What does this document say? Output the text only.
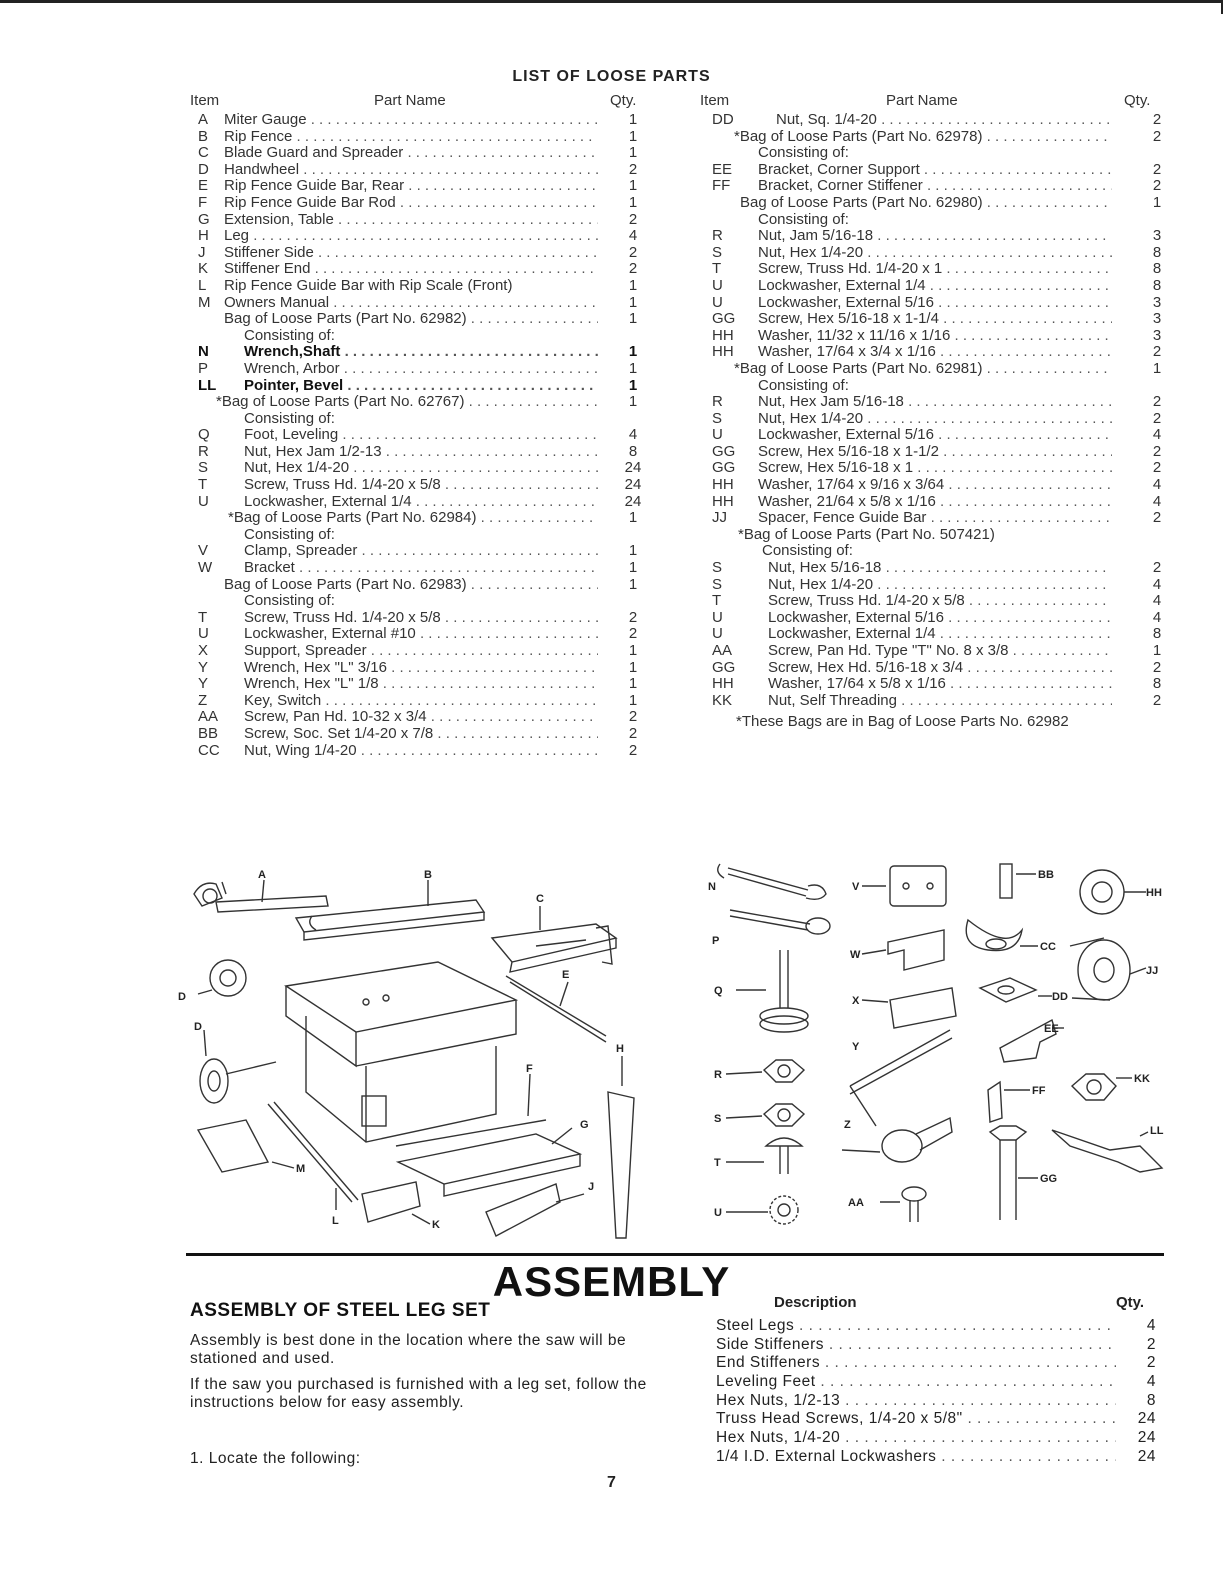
LIST OF LOOSE PARTS
Item	Part Name	Qty.
A	Miter Gauge . . .	1
B	Rip Fence . . .	1
C	Blade Guard and Spreader . . .	1
D	Handwheel . . .	2
E	Rip Fence Guide Bar, Rear . . .	1
F	Rip Fence Guide Bar Rod . . .	1
G Extension, Table . . .	2
H	Leg . . .	4
J	Stiffener Side . . .	2
K	Stiffener End . . .	2
L	Rip Fence Guide Bar with Rip Scale (Front)	1
M Owners Manual . . .	1
Bag of Loose Parts (Part No. 62982) . . .	1
Consisting of:
N	Wrench,Shaft . . .	1
P	Wrench, Arbor . . .	1
LL	Pointer, Bevel . . .	1
*Bag of Loose Parts (Part No. 62767) . . .	1
Consisting of:
Q	Foot, Leveling . . .	4
R	Nut, Hex Jam 1/2-13 . . .	8
S	Nut, Hex 1/4-20 . . .	24
T	Screw, Truss Hd. 1/4-20 x 5/8 . . .	24
U	Lockwasher, External 1/4 . . .	24
*Bag of Loose Parts (Part No. 62984) . . .	1
Consisting of:
V	Clamp, Spreader . . .	1
W	Bracket . . .	1
Bag of Loose Parts (Part No. 62983) . . .	1
Consisting of:
T	Screw, Truss Hd. 1/4-20 x 5/8 . . .	2
U	Lockwasher, External #10 . . .	2
X	Support, Spreader . . .	1
Y	Wrench, Hex "L" 3/16 . . .	1
Y	Wrench, Hex "L" 1/8 . . .	1
Z	Key, Switch . . .	1
AA	Screw, Pan Hd. 10-32 x 3/4 . . .	2
BB	Screw, Soc. Set 1/4-20 x 7/8 . . .	2
CC	Nut, Wing 1/4-20 . . .	2
Item	Part Name	Qty.
DD	Nut, Sq. 1/4-20 . . .	2
*Bag of Loose Parts (Part No. 62978) . . .	2
Consisting of:
EE	Bracket, Corner Support . . .	2
FF	Bracket, Corner Stiffener . . .	2
Bag of Loose Parts (Part No. 62980) . . .	1
Consisting of:
R	Nut, Jam 5/16-18 . . .	3
S	Nut, Hex 1/4-20 . . .	8
T	Screw, Truss Hd. 1/4-20 x 1 . . .	8
U	Lockwasher, External 1/4 . . .	8
U	Lockwasher, External 5/16 . . .	3
GG	Screw, Hex 5/16-18 x 1-1/4 . . .	3
HH	Washer, 11/32 x 11/16 x 1/16 . . .	3
HH	Washer, 17/64 x 3/4 x 1/16 . . .	2
*Bag of Loose Parts (Part No. 62981) . . .	1
Consisting of:
R	Nut, Hex Jam 5/16-18 . . .	2
S	Nut, Hex 1/4-20 . . .	2
U	Lockwasher, External 5/16 . . .	4
GG	Screw, Hex 5/16-18 x 1-1/2 . . .	2
GG	Screw, Hex 5/16-18 x 1 . . .	2
HH	Washer, 17/64 x 9/16 x 3/64 . . .	4
HH	Washer, 21/64 x 5/8 x 1/16 . . .	4
JJ	Spacer, Fence Guide Bar . . .	2
*Bag of Loose Parts (Part No. 507421)
Consisting of:
S	Nut, Hex 5/16-18 . . .	2
S	Nut, Hex 1/4-20 . . .	4
T	Screw, Truss Hd. 1/4-20 x 5/8 . . .	4
U	Lockwasher, External 5/16 . . .	4
U	Lockwasher, External 1/4 . . .	8
AA	Screw, Pan Hd. Type "T" No. 8 x 3/8 . . .	1
GG	Screw, Hex Hd. 5/16-18 x 3/4 . . .	2
HH	Washer, 17/64 x 5/8 x 1/16 . . .	8
KK	Nut, Self Threading . . .	2
*These Bags are in Bag of Loose Parts No. 62982
A	B
C
D
D
E
F
G
H
J
K
L
M
N
P
Q
R
S
T
U
V
W
X
Y
Z
AA
BB
CC
DD
EE
FF
GG
HH
JJ
KK
LL
ASSEMBLY
ASSEMBLY OF STEEL LEG SET
Assembly is best done in the location where the saw will be stationed and used.
If the saw you purchased is furnished with a leg set, follow the instructions below for easy assembly.
1. Locate the following:
Description	Qty.
Steel Legs . . .	4
Side Stiffeners . . .	2
End Stiffeners . . .	2
Leveling Feet . . .	4
Hex Nuts, 1/2-13 . . .	8
Truss Head Screws, 1/4-20 x 5/8" . . .	24
Hex Nuts, 1/4-20 . . .	24
1/4 I.D. External Lockwashers . . .	24
7
